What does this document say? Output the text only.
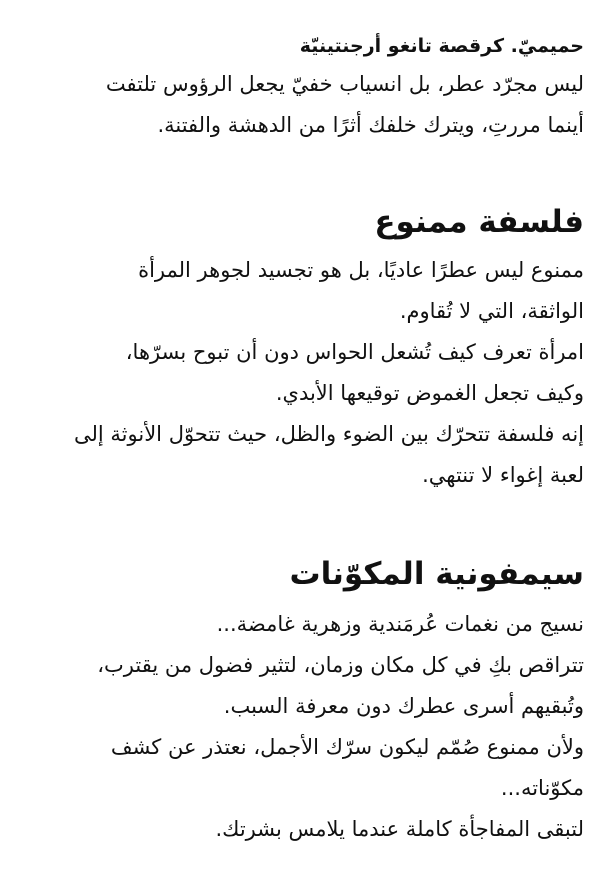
حميميّ. كرقصة تانغو أرجنتينيّة

ليس مجرّد عطر، بل انسياب خفيّ يجعل الرؤوس تلتفت
أينما مررتِ، ويترك خلفك أثرًا من الدهشة والفتنة.

فلسفة ممنوع

ممنوع ليس عطرًا عاديًا، بل هو تجسيد لجوهر المرأة
الواثقة، التي لا تُقاوم.
امرأة تعرف كيف تُشعل الحواس دون أن تبوح بسرّها،
وكيف تجعل الغموض توقيعها الأبدي.
إنه فلسفة تتحرّك بين الضوء والظل، حيث تتحوّل الأنوثة إلى
لعبة إغواء لا تنتهي.

سيمفونية المكوّنات

نسيج من نغمات عُرمَندية وزهرية غامضة...
تتراقص بكِ في كل مكان وزمان، لتثير فضول من يقترب،
وتُبقيهم أسرى عطرك دون معرفة السبب.
ولأن ممنوع صُمّم ليكون سرّك الأجمل، نعتذر عن كشف
مكوّناته...
لتبقى المفاجأة كاملة عندما يلامس بشرتك.
